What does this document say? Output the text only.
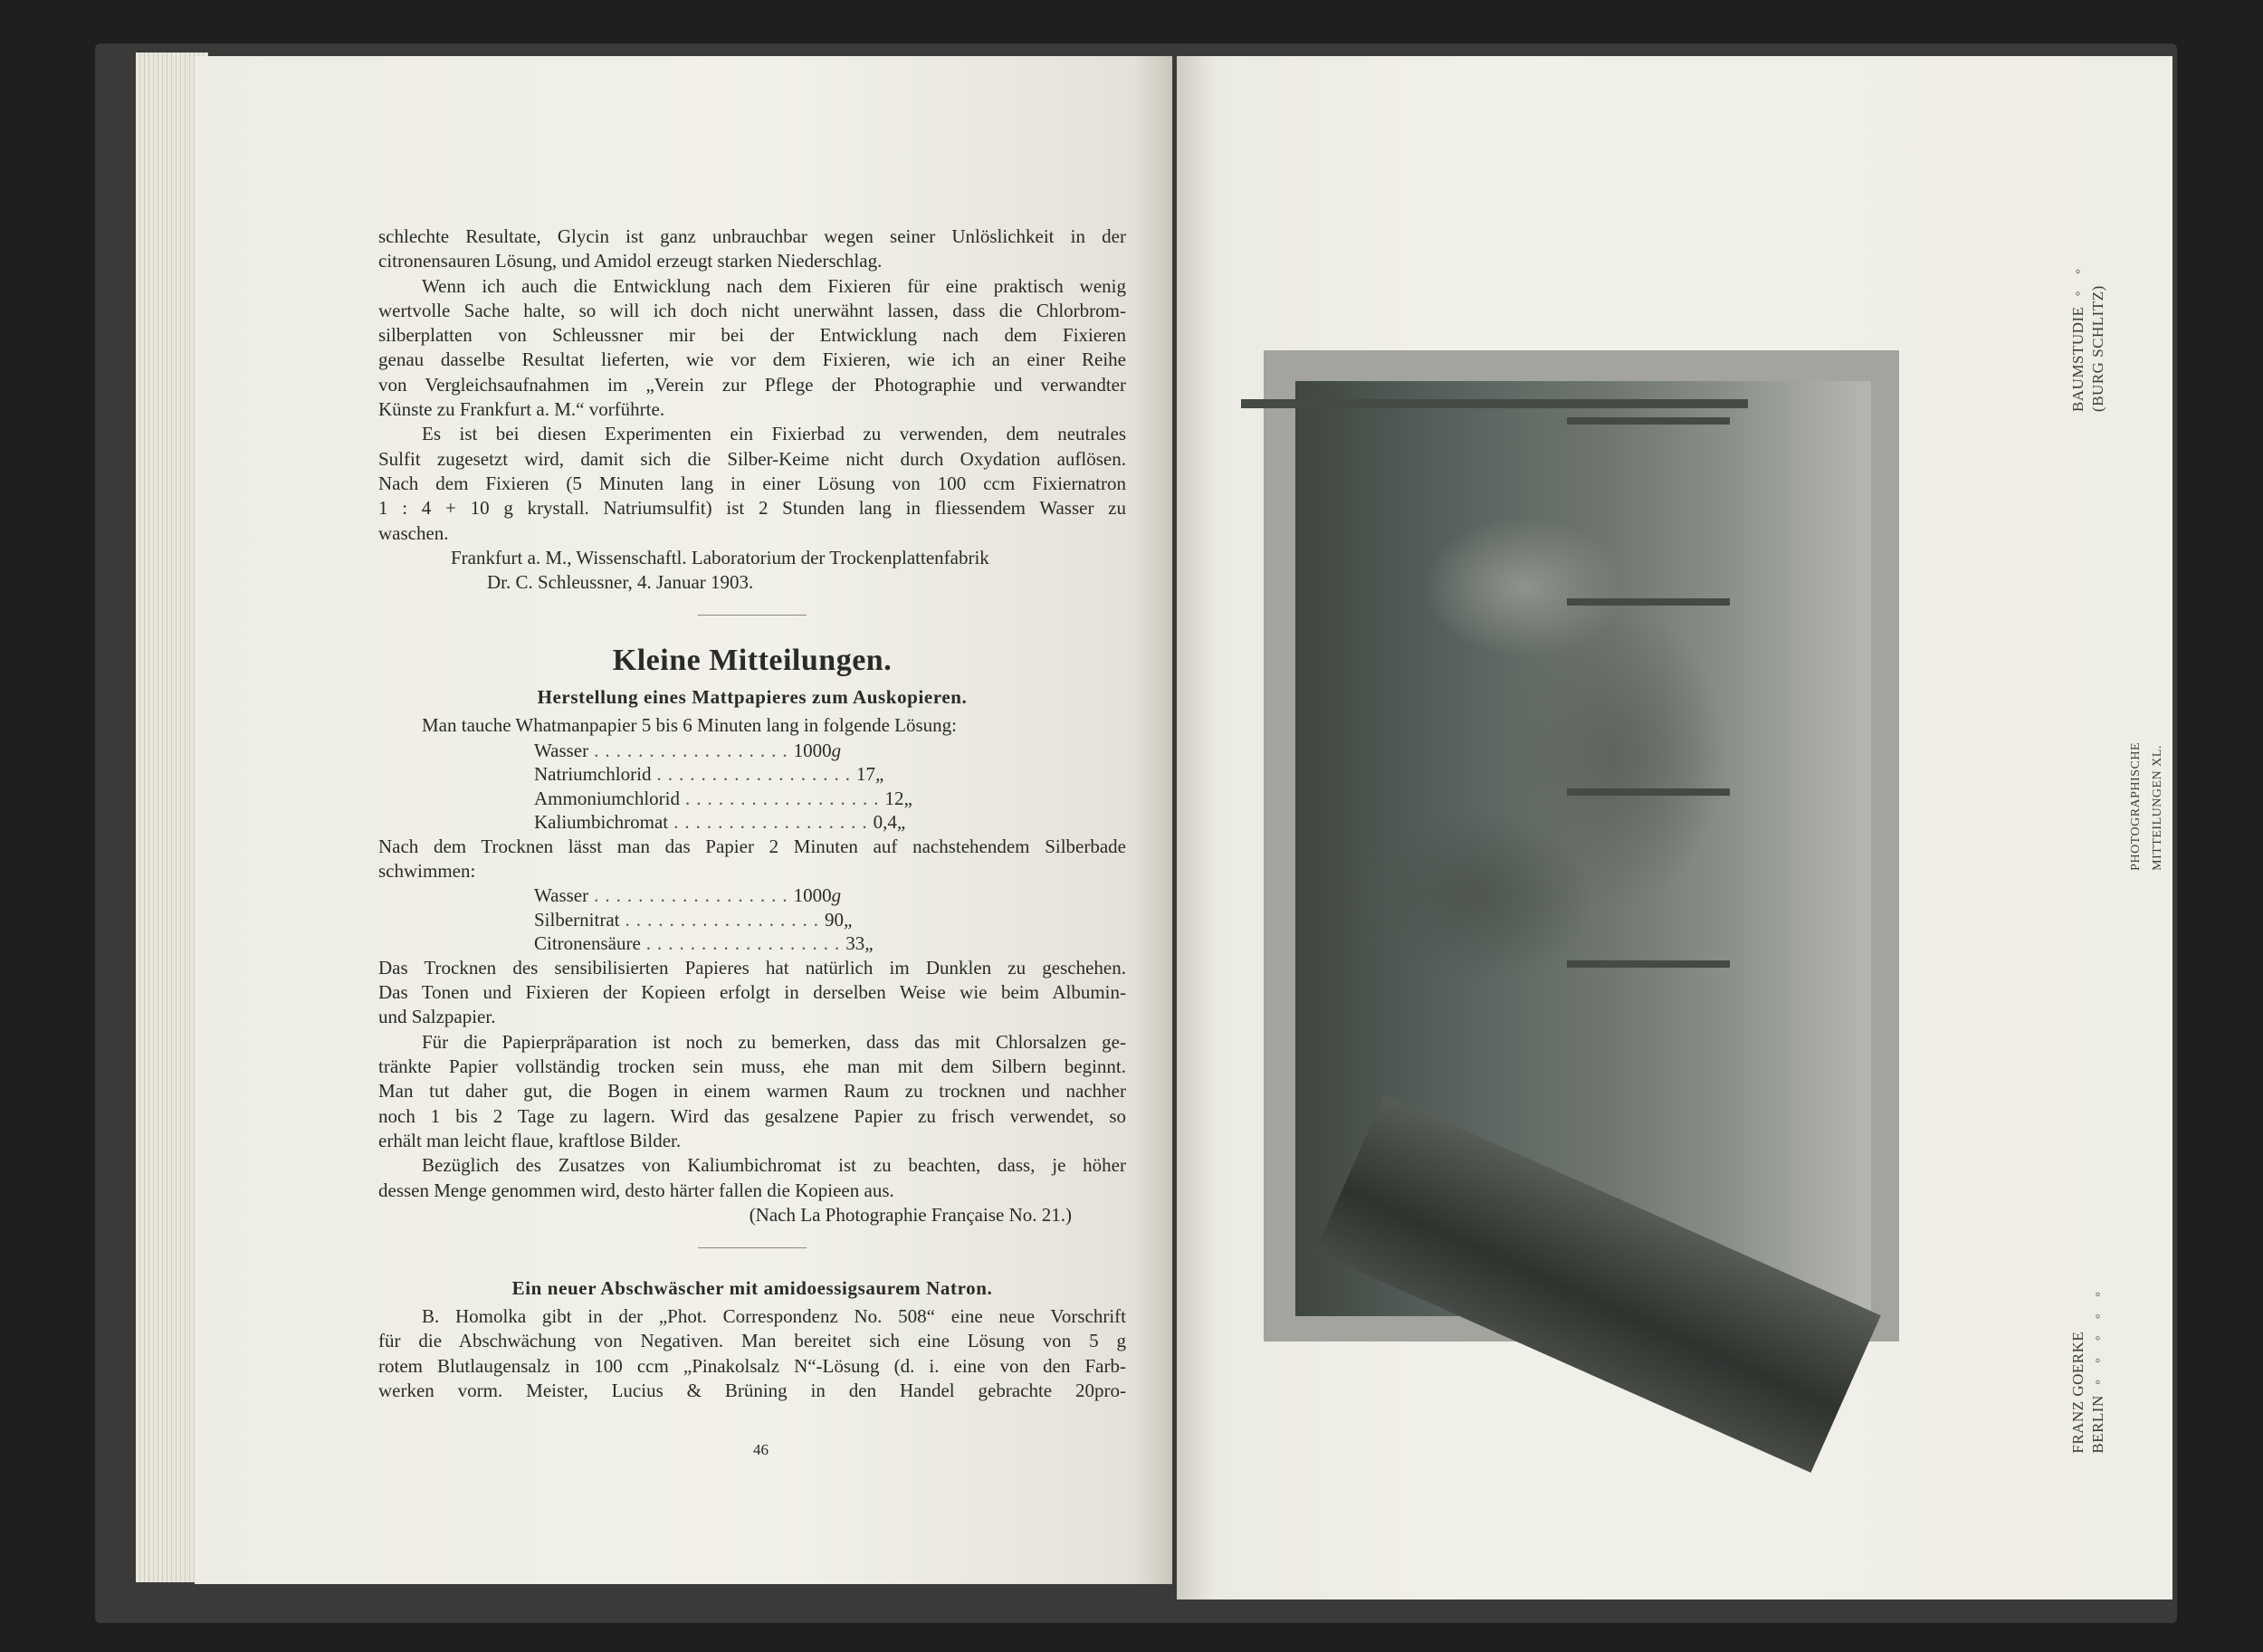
schlechte Resultate, Glycin ist ganz unbrauchbar wegen seiner Unlöslichkeit in der
citronensauren Lösung, und Amidol erzeugt starken Niederschlag.
Wenn ich auch die Entwicklung nach dem Fixieren für eine praktisch wenig
wertvolle Sache halte, so will ich doch nicht unerwähnt lassen, dass die Chlorbrom-
silberplatten von Schleussner mir bei der Entwicklung nach dem Fixieren
genau dasselbe Resultat lieferten, wie vor dem Fixieren, wie ich an einer Reihe
von Vergleichsaufnahmen im „Verein zur Pflege der Photographie und verwandter
Künste zu Frankfurt a. M.“ vorführte.
Es ist bei diesen Experimenten ein Fixierbad zu verwenden, dem neutrales
Sulfit zugesetzt wird, damit sich die Silber-Keime nicht durch Oxydation auflösen.
Nach dem Fixieren (5 Minuten lang in einer Lösung von 100 ccm Fixiernatron
1 : 4 + 10 g krystall. Natriumsulfit) ist 2 Stunden lang in fliessendem Wasser zu
waschen.
Frankfurt a. M., Wissenschaftl. Laboratorium der Trockenplattenfabrik
Dr. C. Schleussner, 4. Januar 1903.
Kleine Mitteilungen.
Herstellung eines Mattpapieres zum Auskopieren.
Man tauche Whatmanpapier 5 bis 6 Minuten lang in folgende Lösung:
Wasser .................. 1000 g
Natriumchlorid .................. 17 „
Ammoniumchlorid .................. 12 „
Kaliumbichromat .................. 0,4 „
Nach dem Trocknen lässt man das Papier 2 Minuten auf nachstehendem Silberbade
schwimmen:
Wasser .................. 1000 g
Silbernitrat .................. 90 „
Citronensäure .................. 33 „
Das Trocknen des sensibilisierten Papieres hat natürlich im Dunklen zu geschehen.
Das Tonen und Fixieren der Kopieen erfolgt in derselben Weise wie beim Albumin-
und Salzpapier.
Für die Papierpräparation ist noch zu bemerken, dass das mit Chlorsalzen ge-
tränkte Papier vollständig trocken sein muss, ehe man mit dem Silbern beginnt.
Man tut daher gut, die Bogen in einem warmen Raum zu trocknen und nachher
noch 1 bis 2 Tage zu lagern. Wird das gesalzene Papier zu frisch verwendet, so
erhält man leicht flaue, kraftlose Bilder.
Bezüglich des Zusatzes von Kaliumbichromat ist zu beachten, dass, je höher
dessen Menge genommen wird, desto härter fallen die Kopieen aus.
(Nach La Photographie Française No. 21.)
Ein neuer Abschwäscher mit amidoessigsaurem Natron.
B. Homolka gibt in der „Phot. Correspondenz No. 508“ eine neue Vorschrift
für die Abschwächung von Negativen. Man bereitet sich eine Lösung von 5 g
rotem Blutlaugensalz in 100 ccm „Pinakolsalz N“-Lösung (d. i. eine von den Farb-
werken vorm. Meister, Lucius & Brüning in den Handel gebrachte 20pro-
46
BAUMSTUDIE ◦ ◦ (BURG SCHLITZ)
PHOTOGRAPHISCHE MITTEILUNGEN XL.
FRANZ GOERKE BERLIN ◦ ◦ ◦ ◦ ◦
